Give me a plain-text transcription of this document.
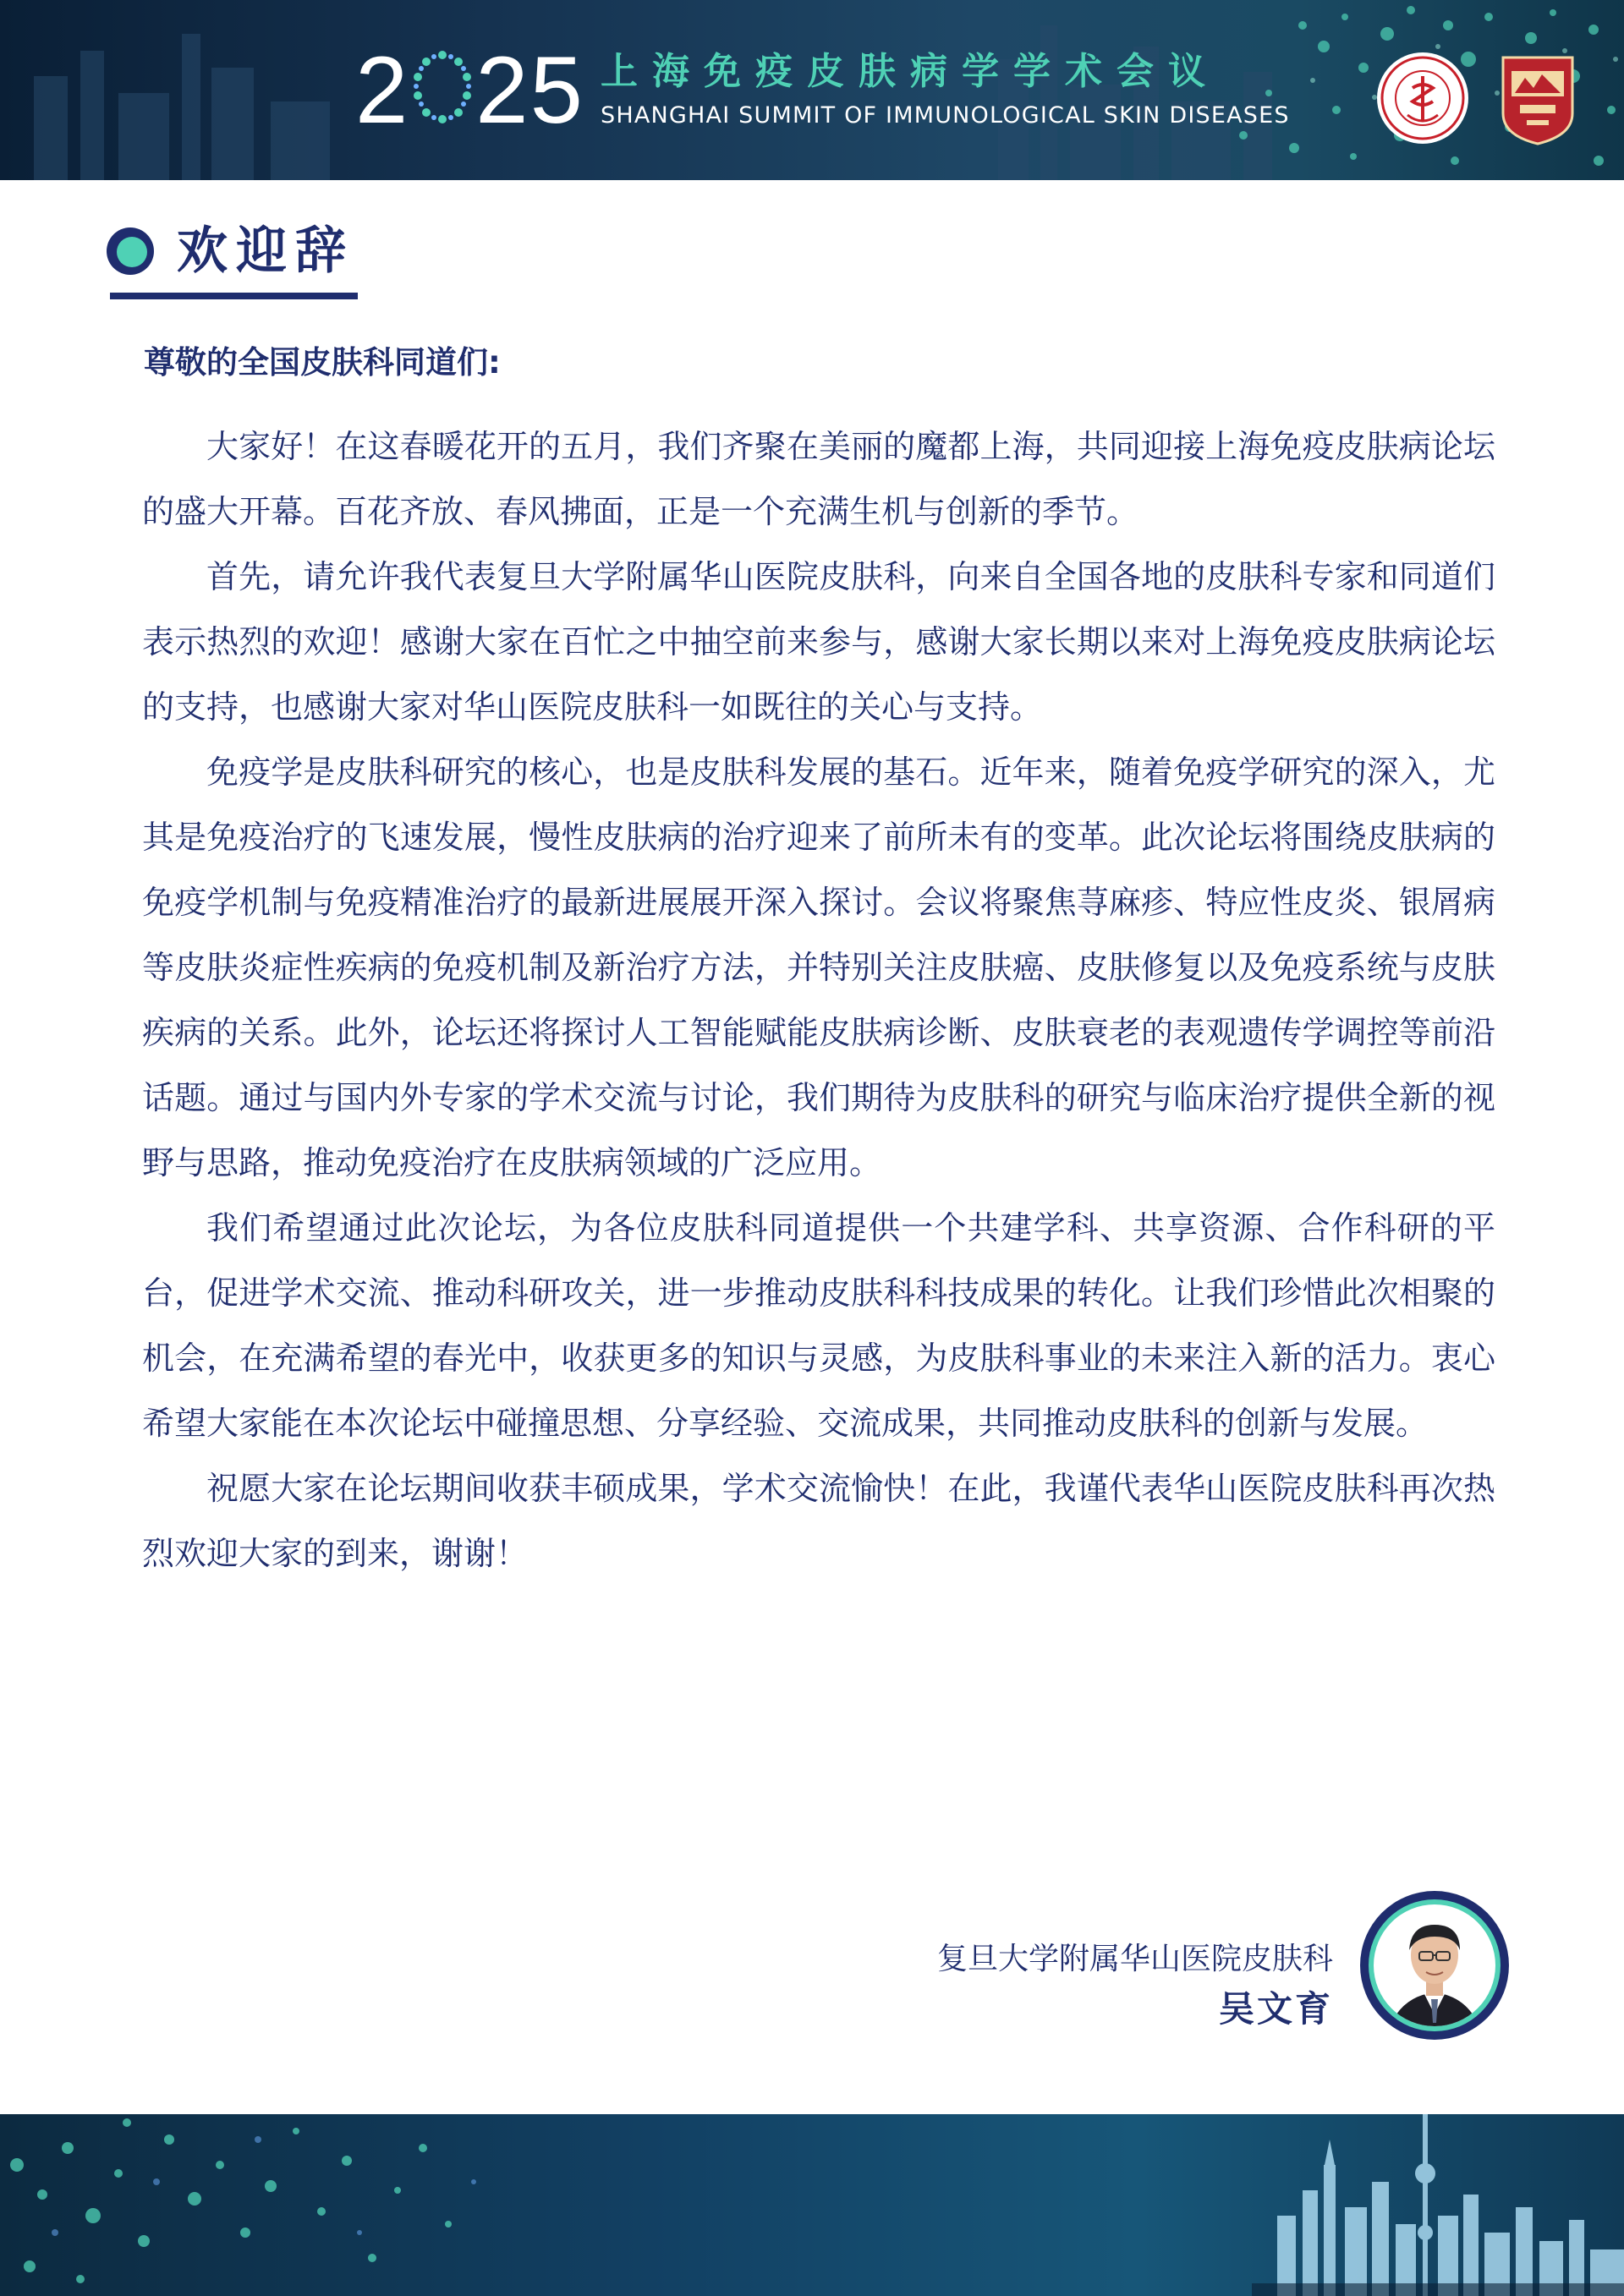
2 25 上海免疫皮肤病学学术会议
SHANGHAI SUMMIT OF IMMUNOLOGICAL SKIN DISEASES
欢迎辞
尊敬的全国皮肤科同道们:

大家好！在这春暖花开的五月，我们齐聚在美丽的魔都上海，共同迎接上海免疫皮肤病论坛的盛大开幕。百花齐放、春风拂面，正是一个充满生机与创新的季节。

首先，请允许我代表复旦大学附属华山医院皮肤科，向来自全国各地的皮肤科专家和同道们表示热烈的欢迎！感谢大家在百忙之中抽空前来参与，感谢大家长期以来对上海免疫皮肤病论坛的支持，也感谢大家对华山医院皮肤科一如既往的关心与支持。

免疫学是皮肤科研究的核心，也是皮肤科发展的基石。近年来，随着免疫学研究的深入，尤其是免疫治疗的飞速发展，慢性皮肤病的治疗迎来了前所未有的变革。此次论坛将围绕皮肤病的免疫学机制与免疫精准治疗的最新进展展开深入探讨。会议将聚焦荨麻疹、特应性皮炎、银屑病等皮肤炎症性疾病的免疫机制及新治疗方法，并特别关注皮肤癌、皮肤修复以及免疫系统与皮肤疾病的关系。此外，论坛还将探讨人工智能赋能皮肤病诊断、皮肤衰老的表观遗传学调控等前沿话题。通过与国内外专家的学术交流与讨论，我们期待为皮肤科的研究与临床治疗提供全新的视野与思路，推动免疫治疗在皮肤病领域的广泛应用。

我们希望通过此次论坛，为各位皮肤科同道提供一个共建学科、共享资源、合作科研的平台，促进学术交流、推动科研攻关，进一步推动皮肤科科技成果的转化。让我们珍惜此次相聚的机会，在充满希望的春光中，收获更多的知识与灵感，为皮肤科事业的未来注入新的活力。衷心希望大家能在本次论坛中碰撞思想、分享经验、交流成果，共同推动皮肤科的创新与发展。

祝愿大家在论坛期间收获丰硕成果，学术交流愉快！在此，我谨代表华山医院皮肤科再次热烈欢迎大家的到来，谢谢！

复旦大学附属华山医院皮肤科
吴文育
